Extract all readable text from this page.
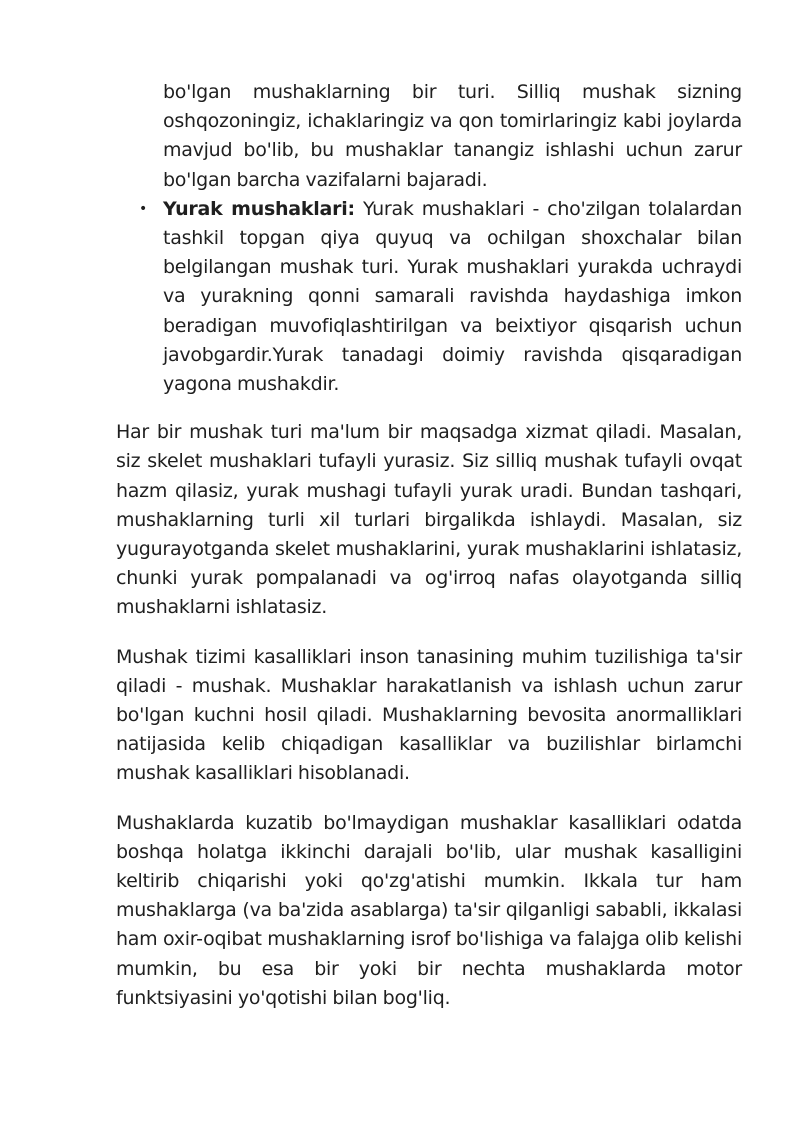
bo'lgan mushaklarning bir turi. Silliq mushak sizning oshqozoningiz, ichaklaringiz va qon tomirlaringiz kabi joylarda mavjud bo'lib, bu mushaklar tanangiz ishlashi uchun zarur bo'lgan barcha vazifalarni bajaradi.

• Yurak mushaklari: Yurak mushaklari - cho'zilgan tolalardan tashkil topgan qiya quyuq va ochilgan shoxchalar bilan belgilangan mushak turi. Yurak mushaklari yurakda uchraydi va yurakning qonni samarali ravishda haydashiga imkon beradigan muvofiqlashtirilgan va beixtiyor qisqarish uchun javobgardir.Yurak tanadagi doimiy ravishda qisqaradigan yagona mushakdir.

Har bir mushak turi ma'lum bir maqsadga xizmat qiladi. Masalan, siz skelet mushaklari tufayli yurasiz. Siz silliq mushak tufayli ovqat hazm qilasiz, yurak mushagi tufayli yurak uradi. Bundan tashqari, mushaklarning turli xil turlari birgalikda ishlaydi. Masalan, siz yugurayotganda skelet mushaklarini, yurak mushaklarini ishlatasiz, chunki yurak pompalanadi va og'irroq nafas olayotganda silliq mushaklarni ishlatasiz.

Mushak tizimi kasalliklari inson tanasining muhim tuzilishiga ta'sir qiladi - mushak. Mushaklar harakatlanish va ishlash uchun zarur bo'lgan kuchni hosil qiladi. Mushaklarning bevosita anormalliklari natijasida kelib chiqadigan kasalliklar va buzilishlar birlamchi mushak kasalliklari hisoblanadi.

Mushaklarda kuzatib bo'lmaydigan mushaklar kasalliklari odatda boshqa holatga ikkinchi darajali bo'lib, ular mushak kasalligini keltirib chiqarishi yoki qo'zg'atishi mumkin. Ikkala tur ham mushaklarga (va ba'zida asablarga) ta'sir qilganligi sababli, ikkalasi ham oxir-oqibat mushaklarning isrof bo'lishiga va falajga olib kelishi mumkin, bu esa bir yoki bir nechta mushaklarda motor funktsiyasini yo'qotishi bilan bog'liq.
